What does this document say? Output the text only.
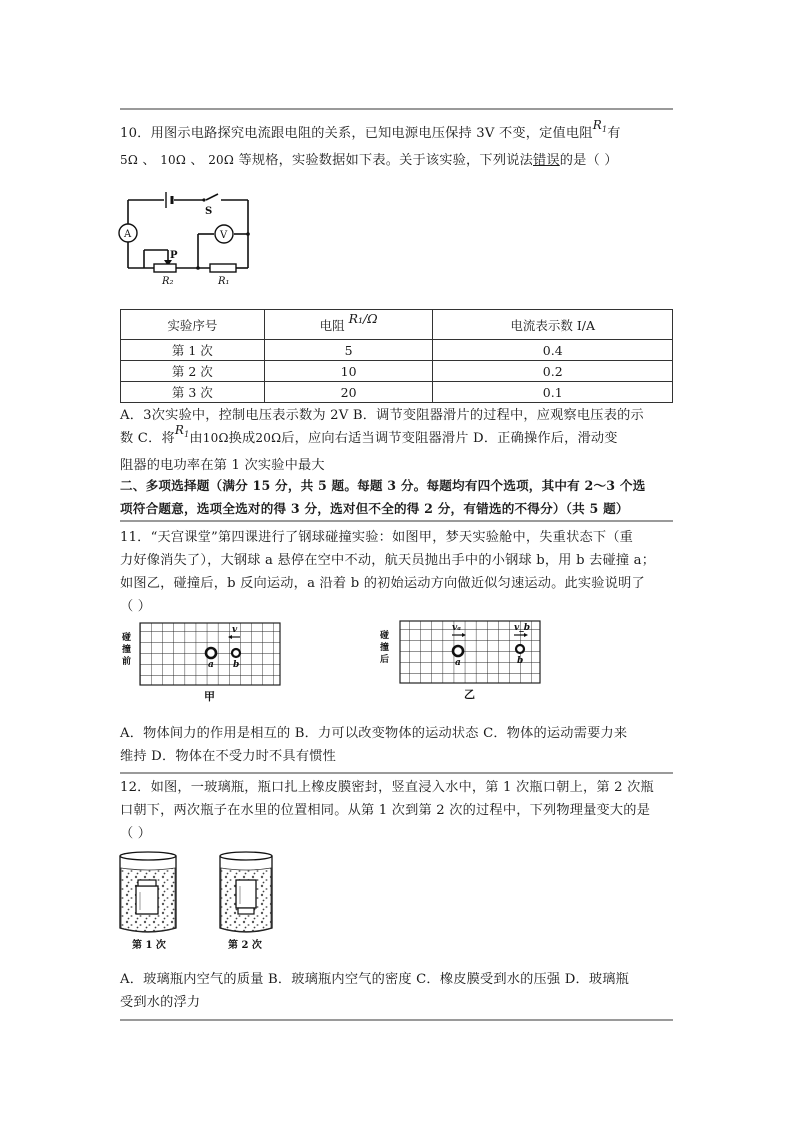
10．用图示电路探究电流跟电阻的关系，已知电源电压保持 3V 不变，定值电阻$R_1$有
5Ω 、 10Ω 、 20Ω 等规格，实验数据如下表。关于该实验，下列说法错误的是（ ）
A	V
S
P
R₂	R₁
实验序号	电阻 R₁/Ω	电流表示数 I/A
第 1 次	5	0.4
第 2 次	10	0.2
第 3 次	20	0.1
A．3次实验中，控制电压表示数为 2V B．调节变阻器滑片的过程中，应观察电压表的示
数 C．将$R_1$由10Ω换成20Ω后，应向右适当调节变阻器滑片 D．正确操作后，滑动变
阻器的电功率在第 1 次实验中最大
二、多项选择题（满分 15 分，共 5 题。每题 3 分。每题均有四个选项，其中有 2～3 个选
项符合题意，选项全选对的得 3 分，选对但不全的得 2 分，有错选的不得分）（共 5 题）
11．“天宫课堂”第四课进行了钢球碰撞实验：如图甲，梦天实验舱中，失重状态下（重
力好像消失了），大钢球 a 悬停在空中不动，航天员抛出手中的小钢球 b，用 b 去碰撞 a；
如图乙，碰撞后，b 反向运动，a 沿着 b 的初始运动方向做近似匀速运动。此实验说明了
（ ）
碰撞前
v
a b
甲
碰撞后
vₐ	v_b
a	b
乙
A．物体间力的作用是相互的 B．力可以改变物体的运动状态 C．物体的运动需要力来
维持 D．物体在不受力时不具有惯性
12．如图，一玻璃瓶，瓶口扎上橡皮膜密封，竖直浸入水中，第 1 次瓶口朝上，第 2 次瓶
口朝下，两次瓶子在水里的位置相同。从第 1 次到第 2 次的过程中，下列物理量变大的是
（ ）
第 1 次	第 2 次
A．玻璃瓶内空气的质量 B．玻璃瓶内空气的密度 C．橡皮膜受到水的压强 D．玻璃瓶
受到水的浮力
